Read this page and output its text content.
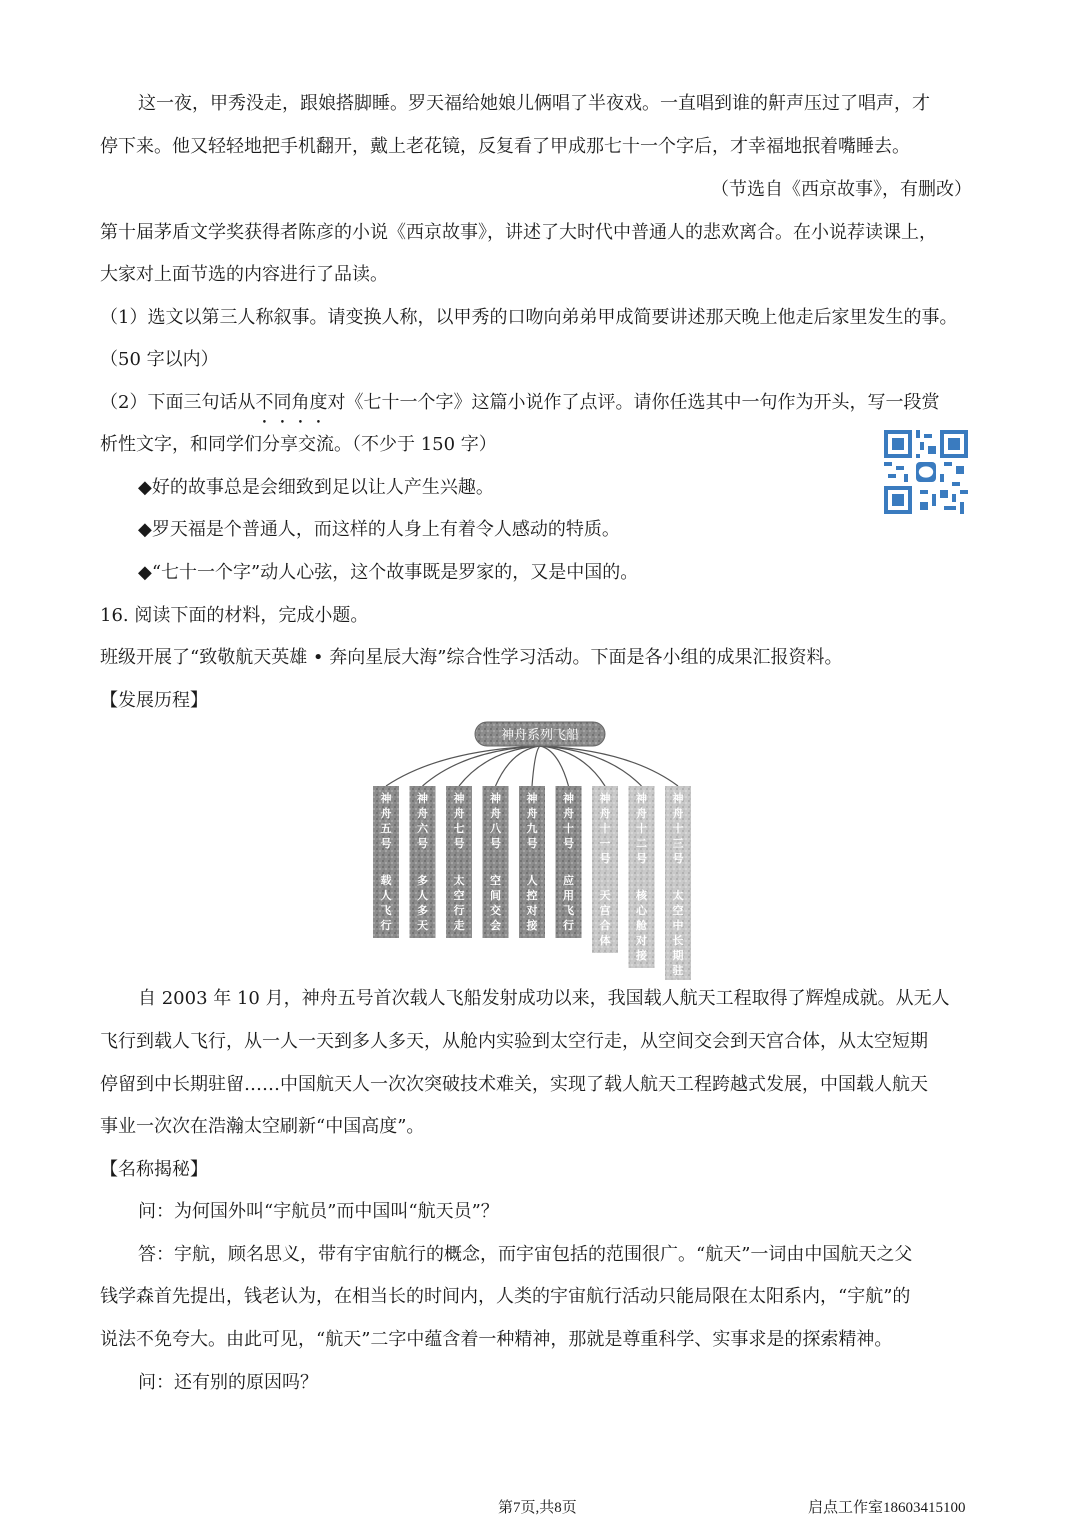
这一夜，甲秀没走，跟娘搭脚睡。罗天福给她娘儿俩唱了半夜戏。一直唱到谁的鼾声压过了唱声，才
停下来。他又轻轻地把手机翻开，戴上老花镜，反复看了甲成那七十一个字后，才幸福地抿着嘴睡去。
（节选自《西京故事》，有删改）
第十届茅盾文学奖获得者陈彦的小说《西京故事》，讲述了大时代中普通人的悲欢离合。在小说荐读课上，
大家对上面节选的内容进行了品读。
（1）选文以第三人称叙事。请变换人称，以甲秀的口吻向弟弟甲成简要讲述那天晚上他走后家里发生的事。
（50 字以内）
（2）下面三句话从不同角度对《七十一个字》这篇小说作了点评。请你任选其中一句作为开头，写一段赏
析性文字，和同学们分享交流。（不少于 150 字）
◆好的故事总是会细致到足以让人产生兴趣。
◆罗天福是个普通人，而这样的人身上有着令人感动的特质。
◆“七十一个字”动人心弦，这个故事既是罗家的，又是中国的。
16. 阅读下面的材料，完成小题。
班级开展了“致敬航天英雄 • 奔向星辰大海”综合性学习活动。下面是各小组的成果汇报资料。
【发展历程】
神舟五号
载人飞行
神舟六号
多人多天
神舟七号
太空行走
神舟八号
空间交会
神舟九号
人控对接
神舟十号
应用飞行
神舟十一号
天宫合体
神舟十二号
核心舱对接
神舟十三号
太空中长期驻
神舟系列飞船
自 2003 年 10 月，神舟五号首次载人飞船发射成功以来，我国载人航天工程取得了辉煌成就。从无人
飞行到载人飞行，从一人一天到多人多天，从舱内实验到太空行走，从空间交会到天宫合体，从太空短期
停留到中长期驻留……中国航天人一次次突破技术难关，实现了载人航天工程跨越式发展，中国载人航天
事业一次次在浩瀚太空刷新“中国高度”。
【名称揭秘】
问：为何国外叫“宇航员”而中国叫“航天员”？
答：宇航，顾名思义，带有宇宙航行的概念，而宇宙包括的范围很广。“航天”一词由中国航天之父
钱学森首先提出，钱老认为，在相当长的时间内，人类的宇宙航行活动只能局限在太阳系内，“宇航”的
说法不免夸大。由此可见，“航天”二字中蕴含着一种精神，那就是尊重科学、实事求是的探索精神。
问：还有别的原因吗？
第7页,共8页	启点工作室18603415100
